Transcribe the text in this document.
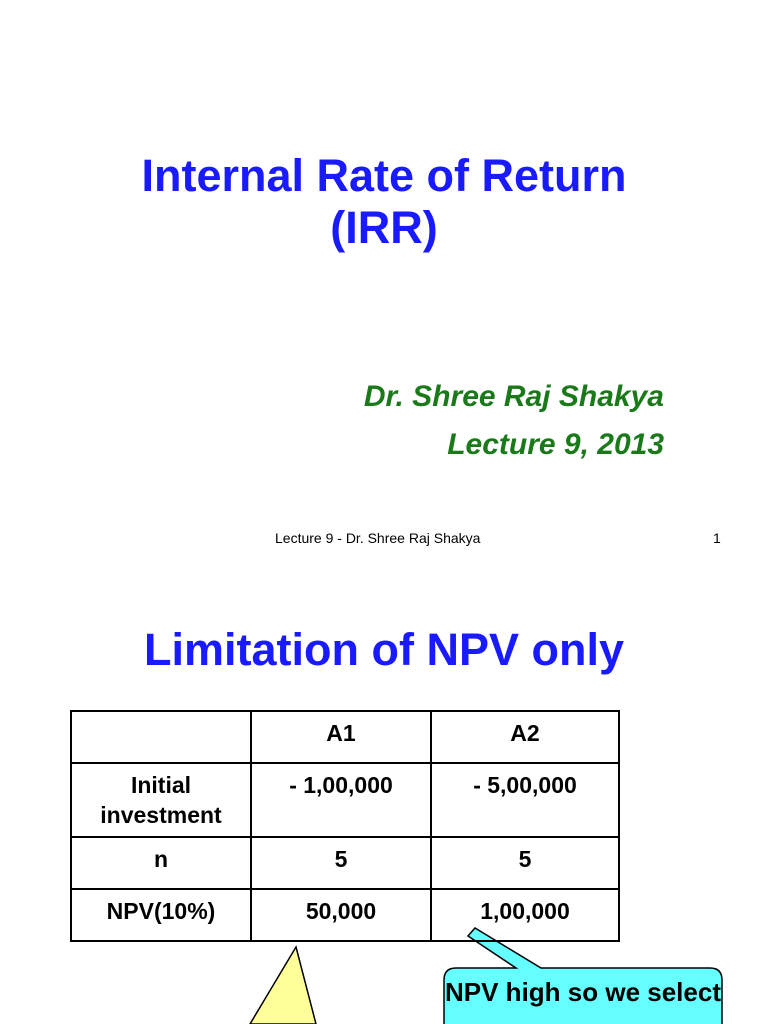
Internal Rate of Return
(IRR)
Dr. Shree Raj Shakya
Lecture 9, 2013
Lecture 9 - Dr. Shree Raj Shakya	1
Limitation of NPV only
	A1	A2
Initial investment	- 1,00,000	- 5,00,000
n	5	5
NPV(10%)	50,000	1,00,000
NPV high so we select
